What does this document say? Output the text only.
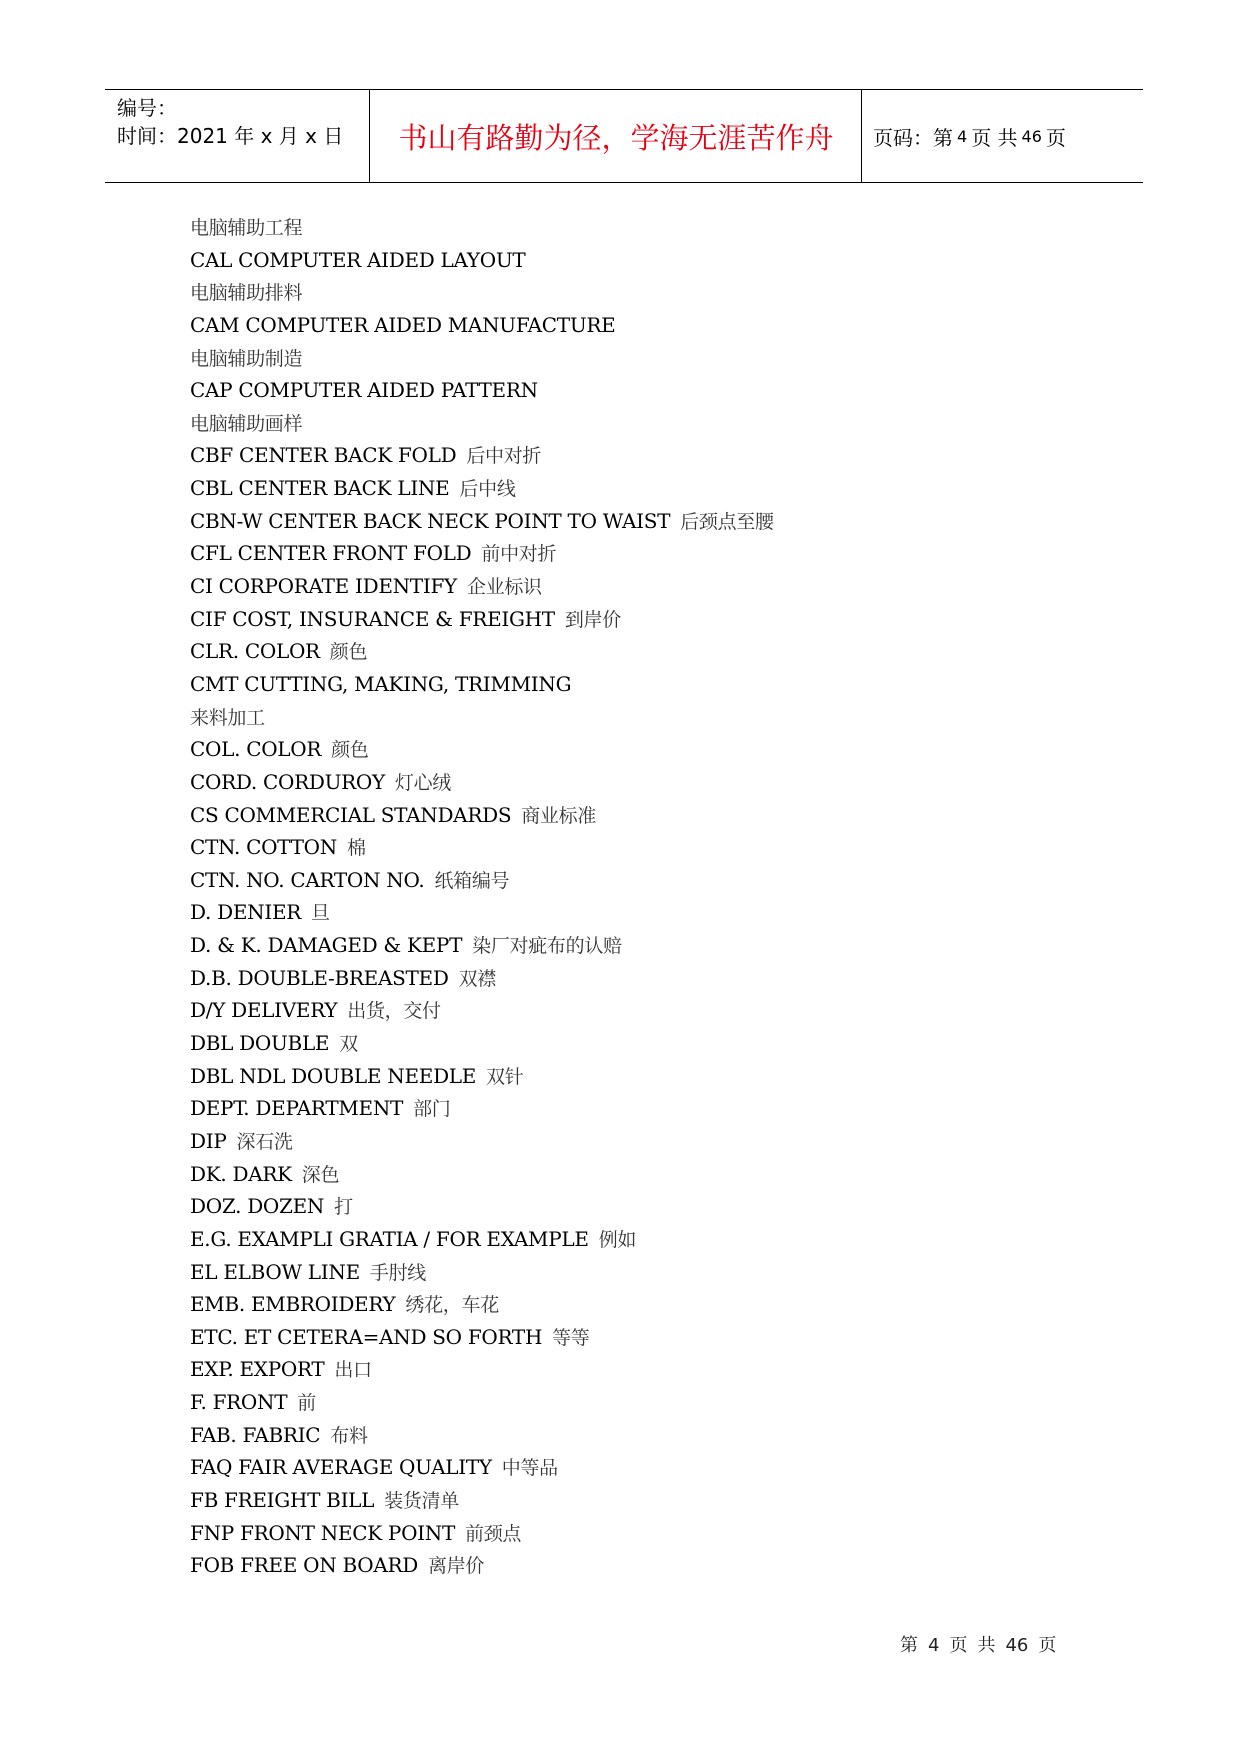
编号：
时间：2021 年 x 月 x 日	书山有路勤为径，学海无涯苦作舟	页码：第 4 页 共 46 页
电脑辅助工程
CAL COMPUTER AIDED LAYOUT
电脑辅助排料
CAM COMPUTER AIDED MANUFACTURE
电脑辅助制造
CAP COMPUTER AIDED PATTERN
电脑辅助画样
CBF CENTER BACK FOLD 后中对折
CBL CENTER BACK LINE 后中线
CBN-W CENTER BACK NECK POINT TO WAIST 后颈点至腰
CFL CENTER FRONT FOLD 前中对折
CI CORPORATE IDENTIFY 企业标识
CIF COST, INSURANCE & FREIGHT 到岸价
CLR. COLOR 颜色
CMT CUTTING, MAKING, TRIMMING
来料加工
COL. COLOR 颜色
CORD. CORDUROY 灯心绒
CS COMMERCIAL STANDARDS 商业标准
CTN. COTTON 棉
CTN. NO. CARTON NO. 纸箱编号
D. DENIER 旦
D. & K. DAMAGED & KEPT 染厂对疵布的认赔
D.B. DOUBLE-BREASTED 双襟
D/Y DELIVERY 出货，交付
DBL DOUBLE 双
DBL NDL DOUBLE NEEDLE 双针
DEPT. DEPARTMENT 部门
DIP 深石洗
DK. DARK 深色
DOZ. DOZEN 打
E.G. EXAMPLI GRATIA / FOR EXAMPLE 例如
EL ELBOW LINE 手肘线
EMB. EMBROIDERY 绣花，车花
ETC. ET CETERA=AND SO FORTH 等等
EXP. EXPORT 出口
F. FRONT 前
FAB. FABRIC 布料
FAQ FAIR AVERAGE QUALITY 中等品
FB FREIGHT BILL 装货清单
FNP FRONT NECK POINT 前颈点
FOB FREE ON BOARD 离岸价
第 4 页 共 46 页
